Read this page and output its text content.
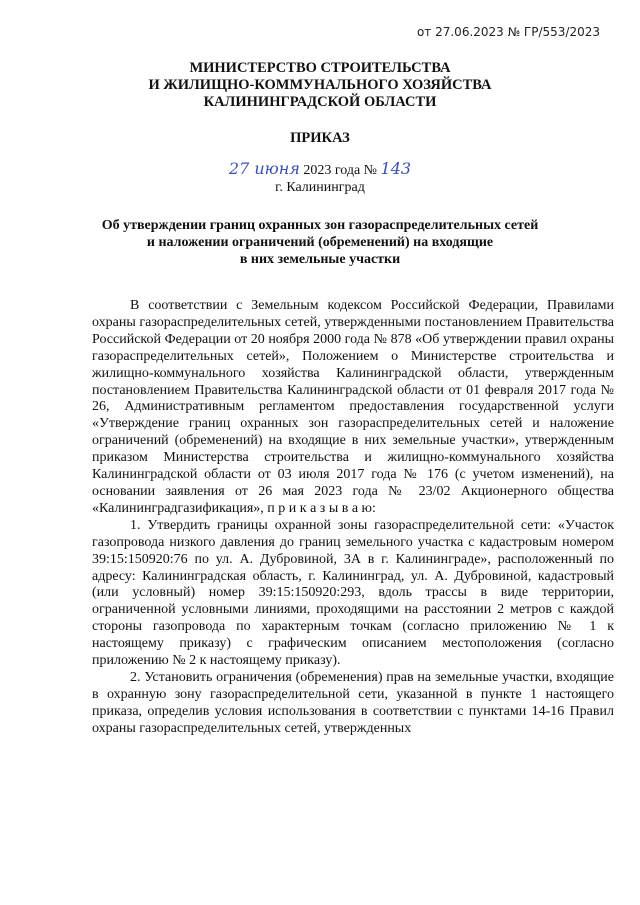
от 27.06.2023 № ГР/553/2023
МИНИСТЕРСТВО СТРОИТЕЛЬСТВА
И ЖИЛИЩНО-КОММУНАЛЬНОГО ХОЗЯЙСТВА
КАЛИНИНГРАДСКОЙ ОБЛАСТИ
ПРИКАЗ
27 июня 2023 года № 143
г. Калининград
Об утверждении границ охранных зон газораспределительных сетей
и наложении ограничений (обременений) на входящие
в них земельные участки

В соответствии с Земельным кодексом Российской Федерации, Правилами охраны газораспределительных сетей, утвержденными постановлением Правительства Российской Федерации от 20 ноября 2000 года № 878 «Об утверждении правил охраны газораспределительных сетей», Положением о Министерстве строительства и жилищно-коммунального хозяйства Калининградской области, утвержденным постановлением Правительства Калининградской области от 01 февраля 2017 года № 26, Административным регламентом предоставления государственной услуги «Утверждение границ охранных зон газораспределительных сетей и наложение ограничений (обременений) на входящие в них земельные участки», утвержденным приказом Министерства строительства и жилищно-коммунального хозяйства Калининградской области от 03 июля 2017 года № 176 (с учетом изменений), на основании заявления от 26 мая 2023 года № 23/02 Акционерного общества «Калининградгазификация», п р и к а з ы в а ю:

1. Утвердить границы охранной зоны газораспределительной сети: «Участок газопровода низкого давления до границ земельного участка с кадастровым номером 39:15:150920:76 по ул. А. Дубровиной, 3А в г. Калининграде», расположенный по адресу: Калининградская область, г. Калининград, ул. А. Дубровиной, кадастровый (или условный) номер 39:15:150920:293, вдоль трассы в виде территории, ограниченной условными линиями, проходящими на расстоянии 2 метров с каждой стороны газопровода по характерным точкам (согласно приложению № 1 к настоящему приказу) с графическим описанием местоположения (согласно приложению № 2 к настоящему приказу).

2. Установить ограничения (обременения) прав на земельные участки, входящие в охранную зону газораспределительной сети, указанной в пункте 1 настоящего приказа, определив условия использования в соответствии с пунктами 14-16 Правил охраны газораспределительных сетей, утвержденных
